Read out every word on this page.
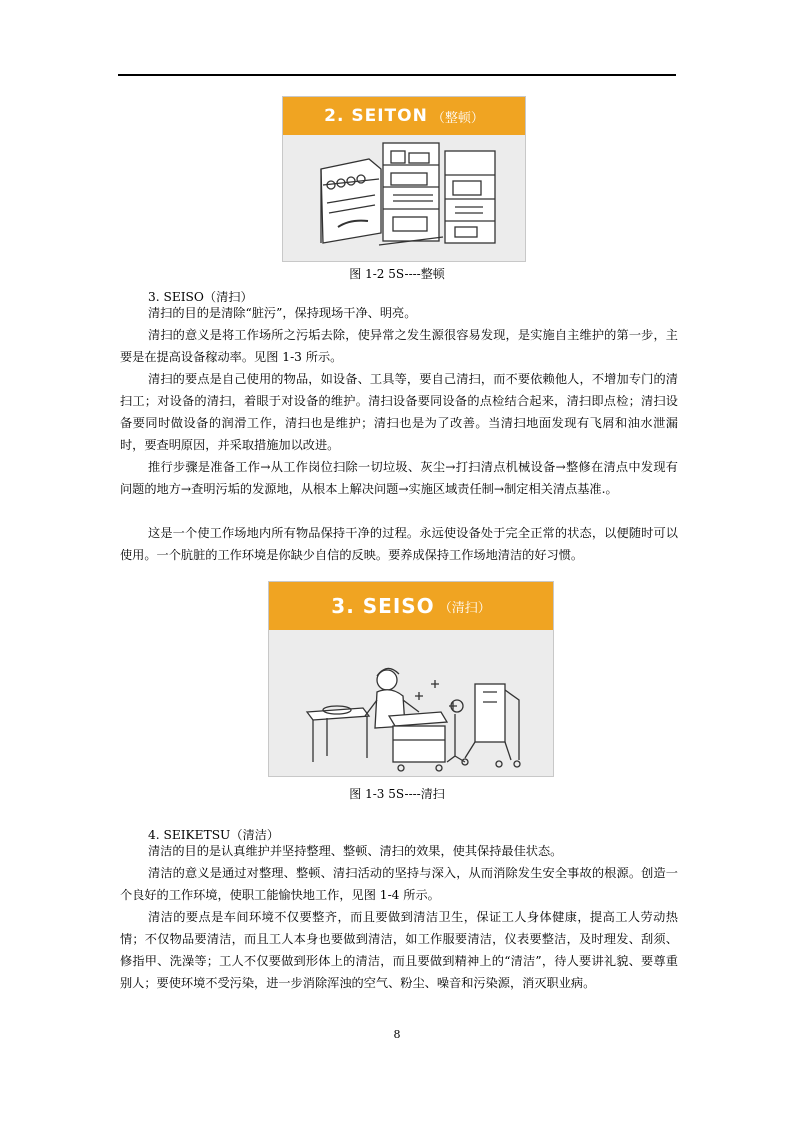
2. SEITON （整顿）
图 1-2 5S----整顿
3. SEISO（清扫）
清扫的目的是清除“脏污”，保持现场干净、明亮。
清扫的意义是将工作场所之污垢去除，使异常之发生源很容易发现，是实施自主维护的第一步，主要是在提高设备稼动率。见图 1-3 所示。
清扫的要点是自己使用的物品，如设备、工具等，要自己清扫，而不要依赖他人，不增加专门的清扫工；对设备的清扫，着眼于对设备的维护。清扫设备要同设备的点检结合起来，清扫即点检；清扫设备要同时做设备的润滑工作，清扫也是维护；清扫也是为了改善。当清扫地面发现有飞屑和油水泄漏时，要查明原因，并采取措施加以改进。
推行步骤是准备工作→从工作岗位扫除一切垃圾、灰尘→打扫清点机械设备→整修在清点中发现有问题的地方→查明污垢的发源地，从根本上解决问题→实施区域责任制→制定相关清点基准.。
这是一个使工作场地内所有物品保持干净的过程。永远使设备处于完全正常的状态，以便随时可以使用。一个肮脏的工作环境是你缺少自信的反映。要养成保持工作场地清洁的好习惯。
3. SEISO （清扫）
图 1-3 5S----清扫
4. SEIKETSU（清洁）
清洁的目的是认真维护并坚持整理、整顿、清扫的效果，使其保持最佳状态。
清洁的意义是通过对整理、整顿、清扫活动的坚持与深入，从而消除发生安全事故的根源。创造一个良好的工作环境，使职工能愉快地工作，见图 1-4 所示。
清洁的要点是车间环境不仅要整齐，而且要做到清洁卫生，保证工人身体健康，提高工人劳动热情；不仅物品要清洁，而且工人本身也要做到清洁，如工作服要清洁，仪表要整洁，及时理发、刮须、修指甲、洗澡等；工人不仅要做到形体上的清洁，而且要做到精神上的“清洁”，待人要讲礼貌、要尊重别人；要使环境不受污染，进一步消除浑浊的空气、粉尘、噪音和污染源，消灭职业病。
8
